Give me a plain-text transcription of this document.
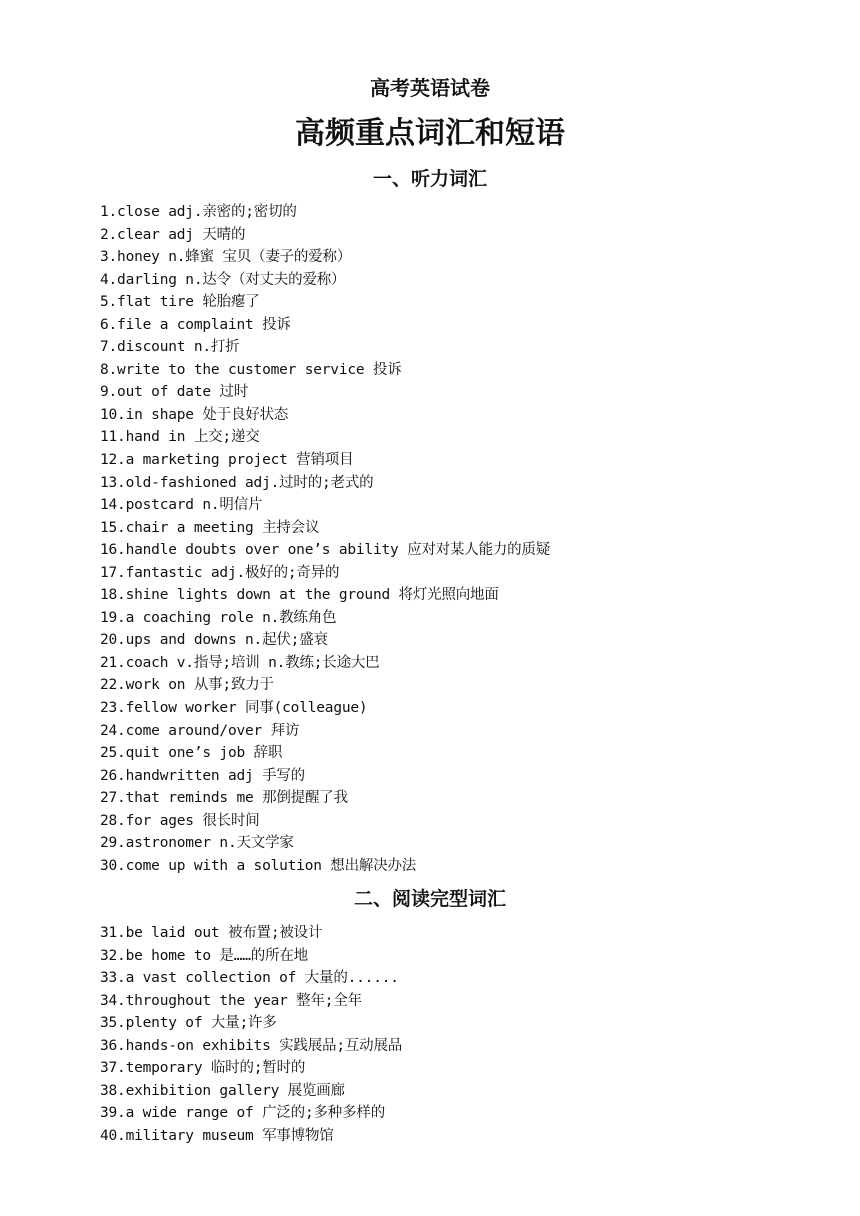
高考英语试卷
高频重点词汇和短语
一、听力词汇
1.close adj.亲密的;密切的
2.clear adj 天晴的
3.honey n.蜂蜜 宝贝（妻子的爱称）
4.darling n.达令（对丈夫的爱称）
5.flat tire 轮胎瘪了
6.file a complaint 投诉
7.discount n.打折
8.write to the customer service 投诉
9.out of date 过时
10.in shape 处于良好状态
11.hand in 上交;递交
12.a marketing project 营销项目
13.old-fashioned adj.过时的;老式的
14.postcard n.明信片
15.chair a meeting 主持会议
16.handle doubts over one’s ability 应对对某人能力的质疑
17.fantastic adj.极好的;奇异的
18.shine lights down at the ground 将灯光照向地面
19.a coaching role n.教练角色
20.ups and downs n.起伏;盛衰
21.coach v.指导;培训 n.教练;长途大巴
22.work on 从事;致力于
23.fellow worker 同事(colleague)
24.come around/over 拜访
25.quit one’s job 辞职
26.handwritten adj 手写的
27.that reminds me 那倒提醒了我
28.for ages 很长时间
29.astronomer n.天文学家
30.come up with a solution 想出解决办法
二、阅读完型词汇
31.be laid out 被布置;被设计
32.be home to 是……的所在地
33.a vast collection of 大量的......
34.throughout the year 整年;全年
35.plenty of 大量;许多
36.hands-on exhibits 实践展品;互动展品
37.temporary 临时的;暂时的
38.exhibition gallery 展览画廊
39.a wide range of 广泛的;多种多样的
40.military museum 军事博物馆
